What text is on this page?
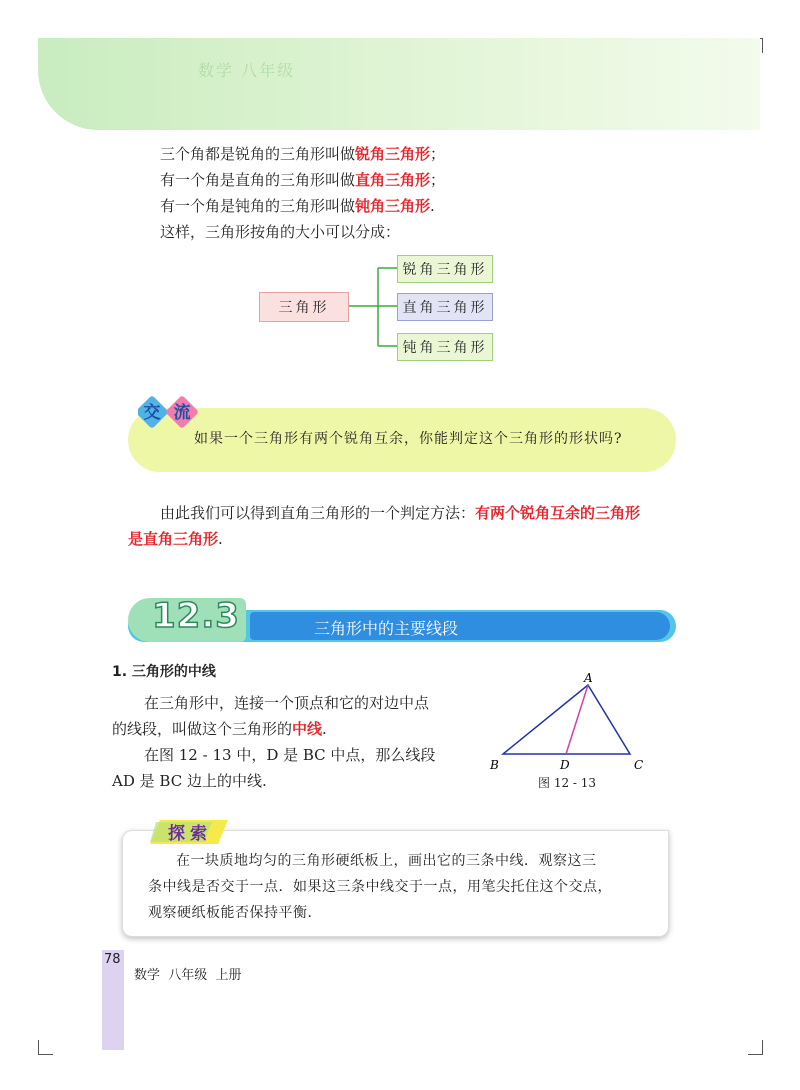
数学 八年级
三个角都是锐角的三角形叫做锐角三角形；
有一个角是直角的三角形叫做直角三角形；
有一个角是钝角的三角形叫做钝角三角形.
这样，三角形按角的大小可以分成：
三角形
锐角三角形
直角三角形
钝角三角形
交 流
如果一个三角形有两个锐角互余，你能判定这个三角形的形状吗?
由此我们可以得到直角三角形的一个判定方法：有两个锐角互余的三角形
是直角三角形.
12.3	三角形中的主要线段
1. 三角形的中线
在三角形中，连接一个顶点和它的对边中点
的线段，叫做这个三角形的中线.
在图 12 - 13 中，D 是 BC 中点，那么线段
AD 是 BC 边上的中线.
A
B	C
D
图 12 - 13
探 索
在一块质地均匀的三角形硬纸板上，画出它的三条中线．观察这三
条中线是否交于一点．如果这三条中线交于一点，用笔尖托住这个交点，
观察硬纸板能否保持平衡．
78
数学  八年级  上册
